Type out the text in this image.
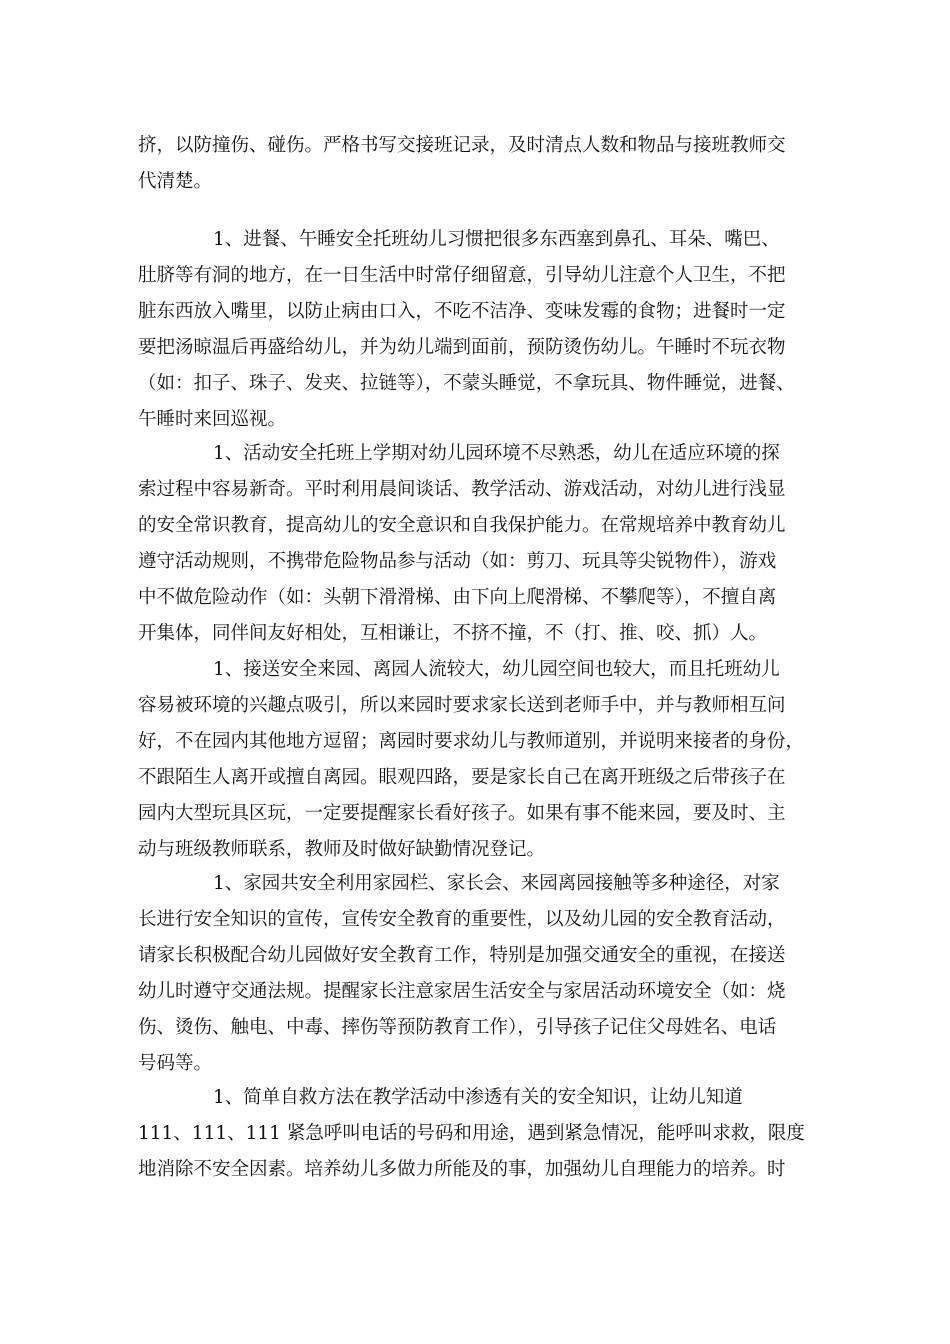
挤，以防撞伤、碰伤。严格书写交接班记录，及时清点人数和物品与接班教师交
代清楚。
1、进餐、午睡安全托班幼儿习惯把很多东西塞到鼻孔、耳朵、嘴巴、
肚脐等有洞的地方，在一日生活中时常仔细留意，引导幼儿注意个人卫生，不把
脏东西放入嘴里，以防止病由口入，不吃不洁净、变味发霉的食物；进餐时一定
要把汤晾温后再盛给幼儿，并为幼儿端到面前，预防烫伤幼儿。午睡时不玩衣物
（如：扣子、珠子、发夹、拉链等），不蒙头睡觉，不拿玩具、物件睡觉，进餐、
午睡时来回巡视。
1、活动安全托班上学期对幼儿园环境不尽熟悉，幼儿在适应环境的探
索过程中容易新奇。平时利用晨间谈话、教学活动、游戏活动，对幼儿进行浅显
的安全常识教育，提高幼儿的安全意识和自我保护能力。在常规培养中教育幼儿
遵守活动规则，不携带危险物品参与活动（如：剪刀、玩具等尖锐物件），游戏
中不做危险动作（如：头朝下滑滑梯、由下向上爬滑梯、不攀爬等），不擅自离
开集体，同伴间友好相处，互相谦让，不挤不撞，不（打、推、咬、抓）人。
1、接送安全来园、离园人流较大，幼儿园空间也较大，而且托班幼儿
容易被环境的兴趣点吸引，所以来园时要求家长送到老师手中，并与教师相互问
好，不在园内其他地方逗留；离园时要求幼儿与教师道别，并说明来接者的身份，
不跟陌生人离开或擅自离园。眼观四路，要是家长自己在离开班级之后带孩子在
园内大型玩具区玩，一定要提醒家长看好孩子。如果有事不能来园，要及时、主
动与班级教师联系，教师及时做好缺勤情况登记。
1、家园共安全利用家园栏、家长会、来园离园接触等多种途径，对家
长进行安全知识的宣传，宣传安全教育的重要性，以及幼儿园的安全教育活动，
请家长积极配合幼儿园做好安全教育工作，特别是加强交通安全的重视，在接送
幼儿时遵守交通法规。提醒家长注意家居生活安全与家居活动环境安全（如：烧
伤、烫伤、触电、中毒、摔伤等预防教育工作），引导孩子记住父母姓名、电话
号码等。
1、简单自救方法在教学活动中渗透有关的安全知识，让幼儿知道
111、111、111 紧急呼叫电话的号码和用途，遇到紧急情况，能呼叫求救，限度
地消除不安全因素。培养幼儿多做力所能及的事，加强幼儿自理能力的培养。时
